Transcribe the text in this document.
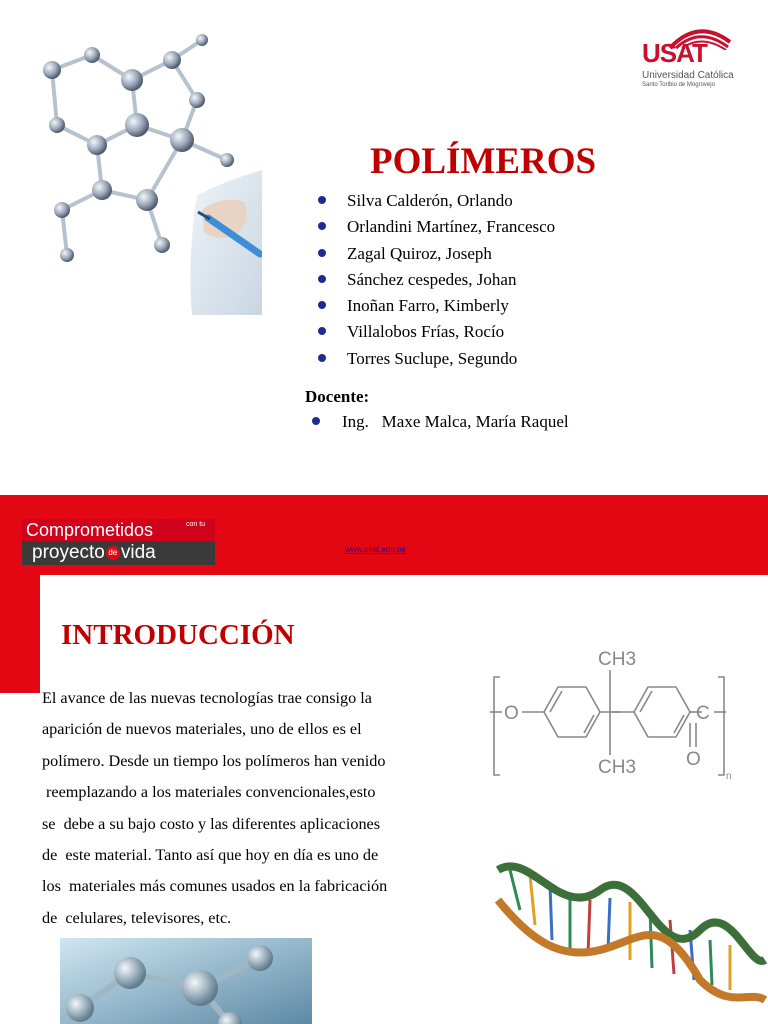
USAT
Universidad Católica
Santo Toribio de Mogrovejo
POLÍMEROS
Silva Calderón, Orlando
Orlandini Martínez, Francesco
Zagal Quiroz, Joseph
Sánchez cespedes, Johan
Inoñan Farro, Kimberly
Villalobos Frías, Rocío
Torres Suclupe, Segundo
Docente:
Ing.   Maxe Malca, María Raquel
Comprometidos	con tu
proyecto de vida	www.usat.edu.pe
INTRODUCCIÓN
El avance de las nuevas tecnologías trae consigo la
aparición de nuevos materiales, uno de ellos es el
polímero. Desde un tiempo los polímeros han venido
reemplazando a los materiales convencionales,esto
se  debe a su bajo costo y las diferentes aplicaciones
de  este material. Tanto así que hoy en día es uno de
los  materiales más comunes usados en la fabricación
de  celulares, televisores, etc.
O
CH3
CH3
C
O
n
